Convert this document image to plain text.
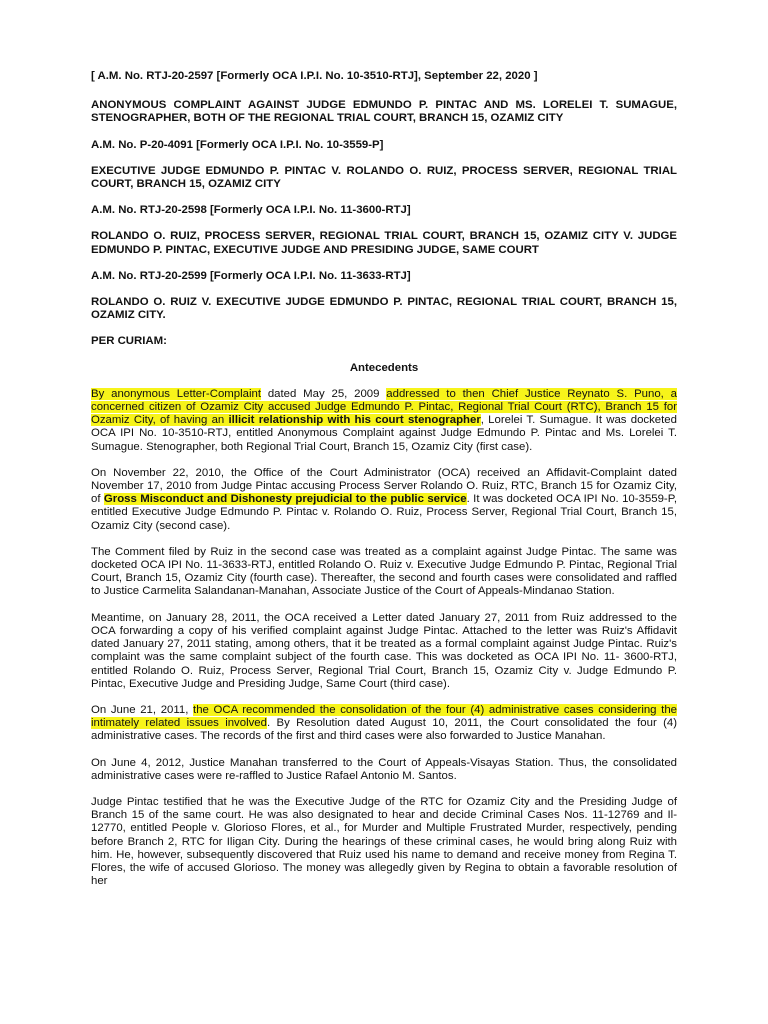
[ A.M. No. RTJ-20-2597 [Formerly OCA I.P.I. No. 10-3510-RTJ], September 22, 2020 ]

ANONYMOUS COMPLAINT AGAINST JUDGE EDMUNDO P. PINTAC AND MS. LORELEI T. SUMAGUE, STENOGRAPHER, BOTH OF THE REGIONAL TRIAL COURT, BRANCH 15, OZAMIZ CITY

A.M. No. P-20-4091 [Formerly OCA I.P.I. No. 10-3559-P]

EXECUTIVE JUDGE EDMUNDO P. PINTAC V. ROLANDO O. RUIZ, PROCESS SERVER, REGIONAL TRIAL COURT, BRANCH 15, OZAMIZ CITY

A.M. No. RTJ-20-2598 [Formerly OCA I.P.I. No. 11-3600-RTJ]

ROLANDO O. RUIZ, PROCESS SERVER, REGIONAL TRIAL COURT, BRANCH 15, OZAMIZ CITY V. JUDGE EDMUNDO P. PINTAC, EXECUTIVE JUDGE AND PRESIDING JUDGE, SAME COURT

A.M. No. RTJ-20-2599 [Formerly OCA I.P.I. No. 11-3633-RTJ]

ROLANDO O. RUIZ V. EXECUTIVE JUDGE EDMUNDO P. PINTAC, REGIONAL TRIAL COURT, BRANCH 15, OZAMIZ CITY.

PER CURIAM:

Antecedents

By anonymous Letter-Complaint dated May 25, 2009 addressed to then Chief Justice Reynato S. Puno, a concerned citizen of Ozamiz City accused Judge Edmundo P. Pintac, Regional Trial Court (RTC), Branch 15 for Ozamiz City, of having an illicit relationship with his court stenographer, Lorelei T. Sumague. It was docketed OCA IPI No. 10-3510-RTJ, entitled Anonymous Complaint against Judge Edmundo P. Pintac and Ms. Lorelei T. Sumague. Stenographer, both Regional Trial Court, Branch 15, Ozamiz City (first case).

On November 22, 2010, the Office of the Court Administrator (OCA) received an Affidavit-Complaint dated November 17, 2010 from Judge Pintac accusing Process Server Rolando O. Ruiz, RTC, Branch 15 for Ozamiz City, of Gross Misconduct and Dishonesty prejudicial to the public service. It was docketed OCA IPI No. 10-3559-P, entitled Executive Judge Edmundo P. Pintac v. Rolando O. Ruiz, Process Server, Regional Trial Court, Branch 15, Ozamiz City (second case).

The Comment filed by Ruiz in the second case was treated as a complaint against Judge Pintac. The same was docketed OCA IPI No. 11-3633-RTJ, entitled Rolando O. Ruiz v. Executive Judge Edmundo P. Pintac, Regional Trial Court, Branch 15, Ozamiz City (fourth case). Thereafter, the second and fourth cases were consolidated and raffled to Justice Carmelita Salandanan-Manahan, Associate Justice of the Court of Appeals-Mindanao Station.

Meantime, on January 28, 2011, the OCA received a Letter dated January 27, 2011 from Ruiz addressed to the OCA forwarding a copy of his verified complaint against Judge Pintac. Attached to the letter was Ruiz's Affidavit dated January 27, 2011 stating, among others, that it be treated as a formal complaint against Judge Pintac. Ruiz's complaint was the same complaint subject of the fourth case. This was docketed as OCA IPI No. 11- 3600-RTJ, entitled Rolando O. Ruiz, Process Server, Regional Trial Court, Branch 15, Ozamiz City v. Judge Edmundo P. Pintac, Executive Judge and Presiding Judge, Same Court (third case).

On June 21, 2011, the OCA recommended the consolidation of the four (4) administrative cases considering the intimately related issues involved. By Resolution dated August 10, 2011, the Court consolidated the four (4) administrative cases. The records of the first and third cases were also forwarded to Justice Manahan.

On June 4, 2012, Justice Manahan transferred to the Court of Appeals-Visayas Station. Thus, the consolidated administrative cases were re-raffled to Justice Rafael Antonio M. Santos.

Judge Pintac testified that he was the Executive Judge of the RTC for Ozamiz City and the Presiding Judge of Branch 15 of the same court. He was also designated to hear and decide Criminal Cases Nos. 11-12769 and Il-12770, entitled People v. Glorioso Flores, et al., for Murder and Multiple Frustrated Murder, respectively, pending before Branch 2, RTC for Iligan City. During the hearings of these criminal cases, he would bring along Ruiz with him. He, however, subsequently discovered that Ruiz used his name to demand and receive money from Regina T. Flores, the wife of accused Glorioso. The money was allegedly given by Regina to obtain a favorable resolution of her
